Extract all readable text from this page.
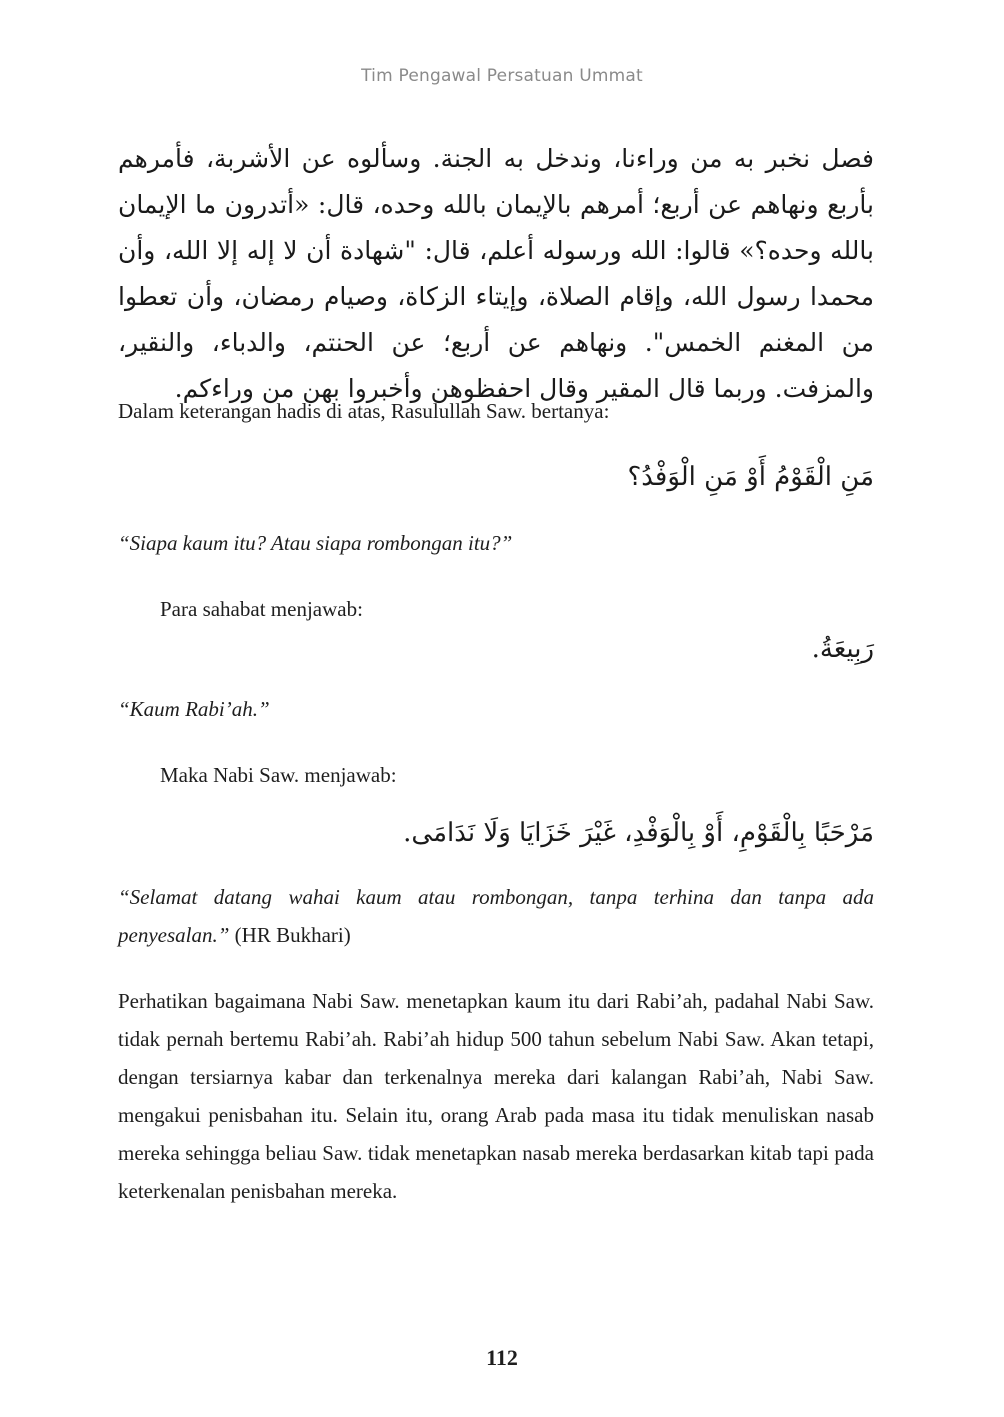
Tim Pengawal Persatuan Ummat
فصل نخبر به من وراءنا، وندخل به الجنة. وسألوه عن الأشربة، فأمرهم بأربع ونهاهم عن أربع؛ أمرهم بالإيمان بالله وحده، قال: «أتدرون ما الإيمان بالله وحده؟» قالوا: الله ورسوله أعلم، قال: "شهادة أن لا إله إلا الله، وأن محمدا رسول الله، وإقام الصلاة، وإيتاء الزكاة، وصيام رمضان، وأن تعطوا من المغنم الخمس". ونهاهم عن أربع؛ عن الحنتم، والدباء، والنقير، والمزفت. وربما قال المقير وقال احفظوهن وأخبروا بهن من وراءكم.
Dalam keterangan hadis di atas, Rasulullah Saw. bertanya:
مَنِ الْقَوْمُ أَوْ مَنِ الْوَفْدُ؟
“Siapa kaum itu? Atau siapa rombongan itu?”
Para sahabat menjawab:
رَبِيعَةُ.
“Kaum Rabi’ah.”
Maka Nabi Saw. menjawab:
مَرْحَبًا بِالْقَوْمِ، أَوْ بِالْوَفْدِ، غَيْرَ خَزَايَا وَلَا نَدَامَى.
“Selamat datang wahai kaum atau rombongan, tanpa terhina dan tanpa ada penyesalan.” (HR Bukhari)
Perhatikan bagaimana Nabi Saw. menetapkan kaum itu dari Rabi’ah, padahal Nabi Saw. tidak pernah bertemu Rabi’ah. Rabi’ah hidup 500 tahun sebelum Nabi Saw. Akan tetapi, dengan tersiarnya kabar dan terkenalnya mereka dari kalangan Rabi’ah, Nabi Saw. mengakui penisbahan itu. Selain itu, orang Arab pada masa itu tidak menuliskan nasab mereka sehingga beliau Saw. tidak menetapkan nasab mereka berdasarkan kitab tapi pada keterkenalan penisbahan mereka.
112
